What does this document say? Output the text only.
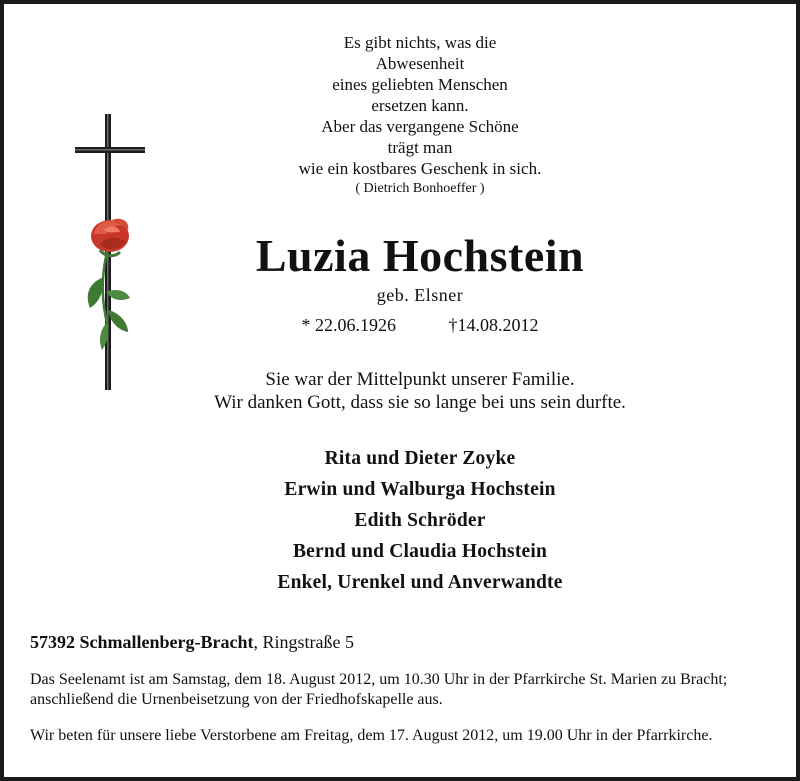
Es gibt nichts, was die
Abwesenheit
eines geliebten Menschen
ersetzen kann.
Aber das vergangene Schöne
trägt man
wie ein kostbares Geschenk in sich.
( Dietrich Bonhoeffer )
Luzia Hochstein
geb. Elsner
* 22.06.1926	†14.08.2012
Sie war der Mittelpunkt unserer Familie.
Wir danken Gott, dass sie so lange bei uns sein durfte.
Rita und Dieter Zoyke
Erwin und Walburga Hochstein
Edith Schröder
Bernd und Claudia Hochstein
Enkel, Urenkel und Anverwandte
57392 Schmallenberg-Bracht, Ringstraße 5
Das Seelenamt ist am Samstag, dem 18. August 2012, um 10.30 Uhr in der Pfarrkirche St. Marien zu Bracht; anschließend die Urnenbeisetzung von der Friedhofskapelle aus.
Wir beten für unsere liebe Verstorbene am Freitag, dem 17. August 2012, um 19.00 Uhr in der Pfarrkirche.
